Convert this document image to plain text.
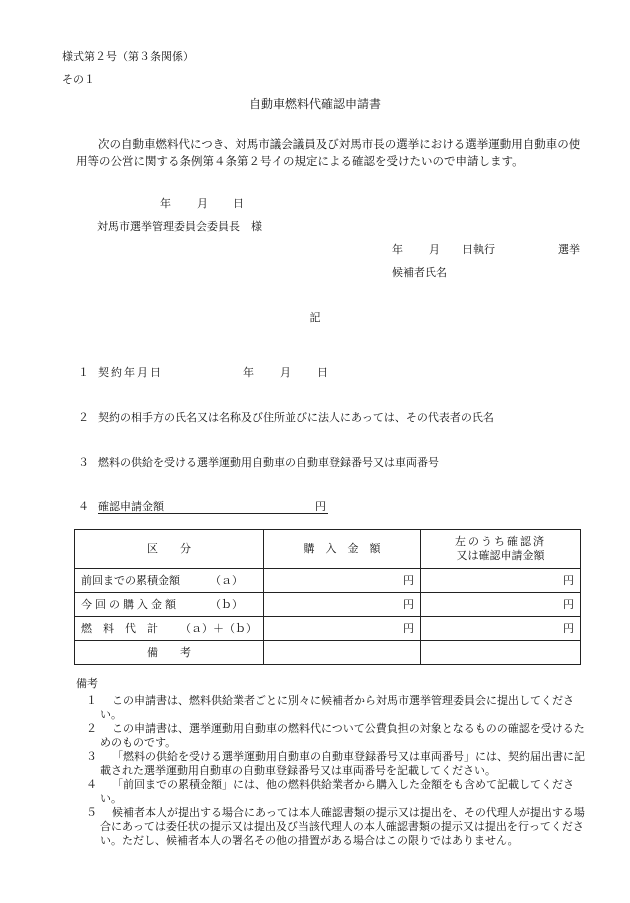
様式第２号（第３条関係）
その１
自動車燃料代確認申請書
次の自動車燃料代につき、対馬市議会議員及び対馬市長の選挙における選挙運動用自動車の使用等の公営に関する条例第４条第２号イの規定による確認を受けたいので申請します。
年 月 日
対馬市選挙管理委員会委員長　様
年 月 日執行	選挙
候補者氏名
記
１ 契約年月日	年 月 日
２ 契約の相手方の氏名又は名称及び住所並びに法人にあっては、その代表者の氏名
３ 燃料の供給を受ける選挙運動用自動車の自動車登録番号又は車両番号
４ 確認申請金額	円
区　　分	購　入　金　額	左のうち確認済
又は確認申請金額

前回までの累積金額 （ａ）	円	円

今回の購入金額 （ｂ）	円	円

燃　料　代　計 （ａ）＋（ｂ）	円	円
備　　考		
備考
１	この申請書は、燃料供給業者ごとに別々に候補者から対馬市選挙管理委員会に提出してください。
２	この申請書は、選挙運動用自動車の燃料代について公費負担の対象となるものの確認を受けるためのものです。
３	「燃料の供給を受ける選挙運動用自動車の自動車登録番号又は車両番号」には、契約届出書に記載された選挙運動用自動車の自動車登録番号又は車両番号を記載してください。
４	「前回までの累積金額」には、他の燃料供給業者から購入した金額をも含めて記載してください。
５	候補者本人が提出する場合にあっては本人確認書類の提示又は提出を、その代理人が提出する場合にあっては委任状の提示又は提出及び当該代理人の本人確認書類の提示又は提出を行ってください。ただし、候補者本人の署名その他の措置がある場合はこの限りではありません。
